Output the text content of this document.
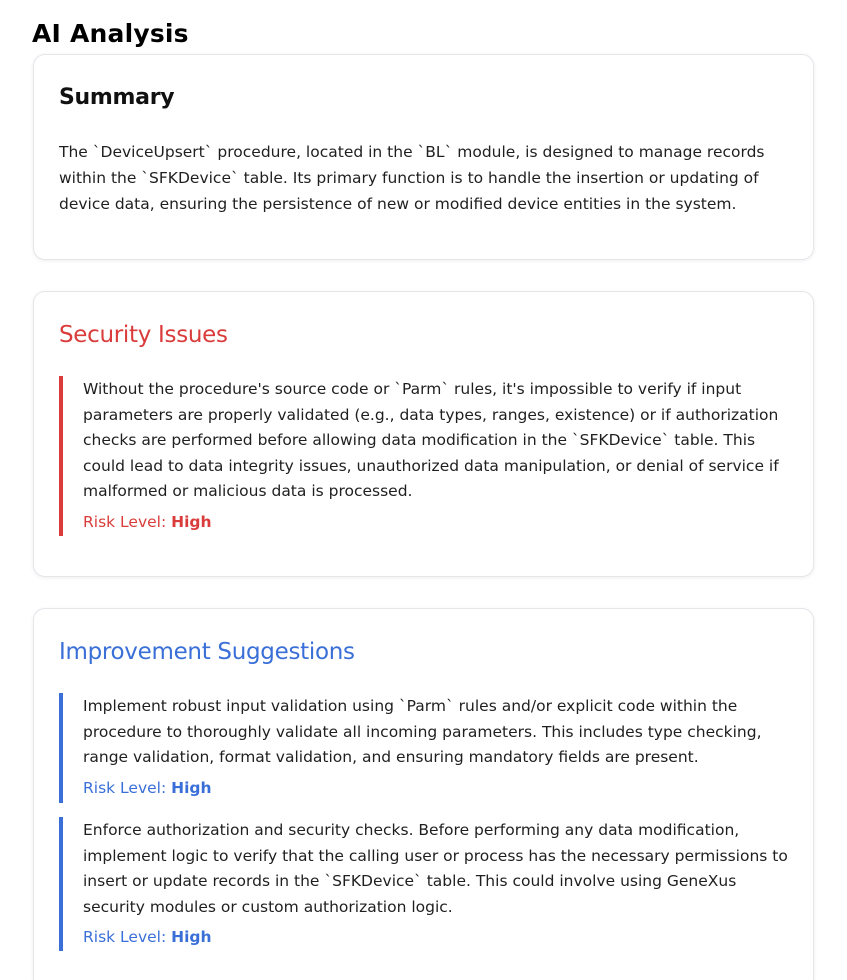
AI Analysis
Summary

The `DeviceUpsert` procedure, located in the `BL` module, is designed to manage records within the `SFKDevice` table. Its primary function is to handle the insertion or updating of device data, ensuring the persistence of new or modified device entities in the system.

Security Issues

Without the procedure's source code or `Parm` rules, it's impossible to verify if input parameters are properly validated (e.g., data types, ranges, existence) or if authorization checks are performed before allowing data modification in the `SFKDevice` table. This could lead to data integrity issues, unauthorized data manipulation, or denial of service if malformed or malicious data is processed.

Risk Level: High

Improvement Suggestions

Implement robust input validation using `Parm` rules and/or explicit code within the procedure to thoroughly validate all incoming parameters. This includes type checking, range validation, format validation, and ensuring mandatory fields are present.

Risk Level: High

Enforce authorization and security checks. Before performing any data modification, implement logic to verify that the calling user or process has the necessary permissions to insert or update records in the `SFKDevice` table. This could involve using GeneXus security modules or custom authorization logic.

Risk Level: High
